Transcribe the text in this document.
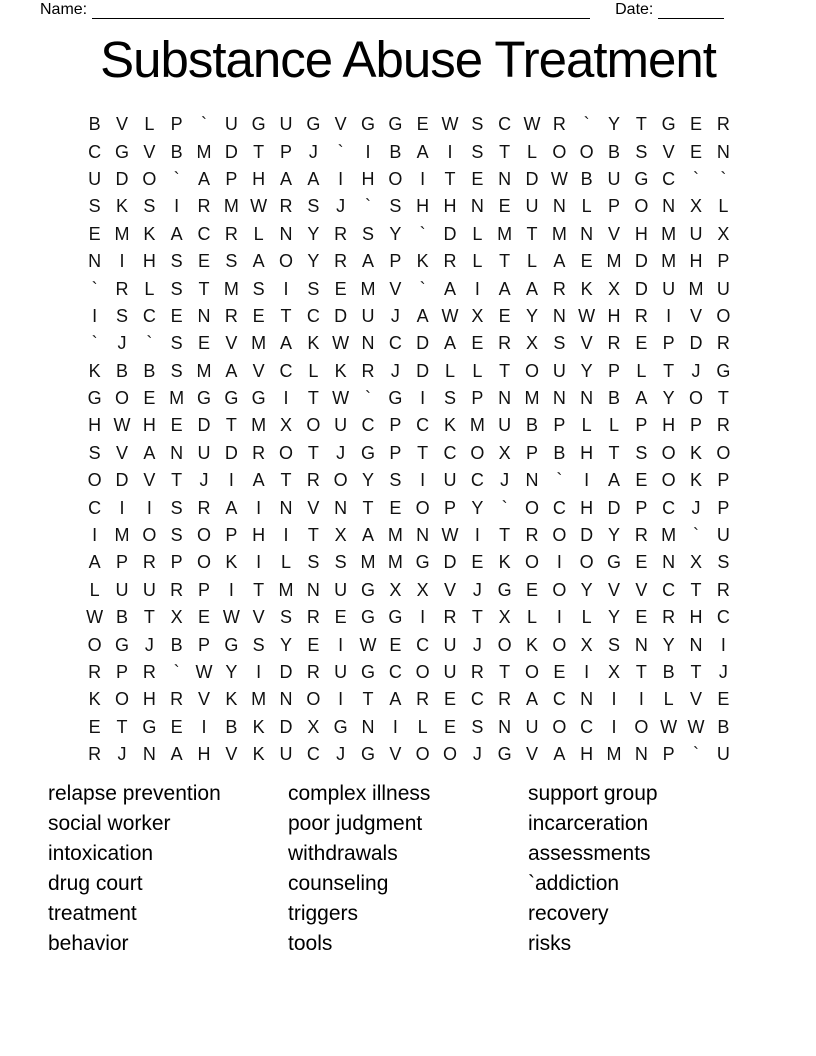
Name:	Date:
Substance Abuse Treatment
B V L P	` U G U G V G G E W S C W R `	Y T G E R
C G V B M D T P J	`	I	B A	I	S T L O O B S V E N
U D O `	A P H A A	I	H O I	T E N D W B U G C `	`
S K S	I	R M W R S J	`	S H H N E U N L P O N X L
E M K A C R L N Y R S Y	` D L M T M N V H M U X
N	I	H S E S A O Y R A P K R L T L A E M D M H P
` R L S T M S	I	S E M V	`	A	I	A A R K X D U M U
I	S C E N R E T C D U J A W X E Y N W H R	I	V O
`	J	`	S E V M A K W N C D A E R X S V R E P D R
K B B S M A V C L K R J D L L T O U Y P L T J G
G O E M G G G I	T W ` G I	S P N M N N B A Y O T
H W H E D T M X O U C P C K M U B P L L P H P R
S V A N U D R O T J G P T C O X P B H T S O K O
O D V T J	I	A T R O Y S	I	U C J N `	I	A E O K P
C	I	I	S R A	I	N V N T E O P Y	` O C H D P C J P
I M O S O P H	I	T X A M N W I	T R O D Y R M ` U
A P R P O K	I	L S S M M G D E K O I O G E N X S
L U U R P	I	T M N U G X X V J G E O Y V V C T R
W B T X E W V S R E G G I	R T X L	I	L Y E R H C
O G J B P G S Y E	I W E C U J O K O X S N Y N	I
R P R ` W Y	I	D R U G C O U R T O E	I	X T B T J
K O H R V K M N O I	T A R E C R A C N	I	I	L V E
E T G E	I	B K D X G N	I	L E S N U O C	I O W W B
R J N A H V K U C J G V O O J G V A H M N P	` U
relapse prevention
social worker
intoxication
drug court
treatment
behavior
complex illness
poor judgment
withdrawals
counseling
triggers
tools
support group
incarceration
assessments
`addiction
recovery
risks
